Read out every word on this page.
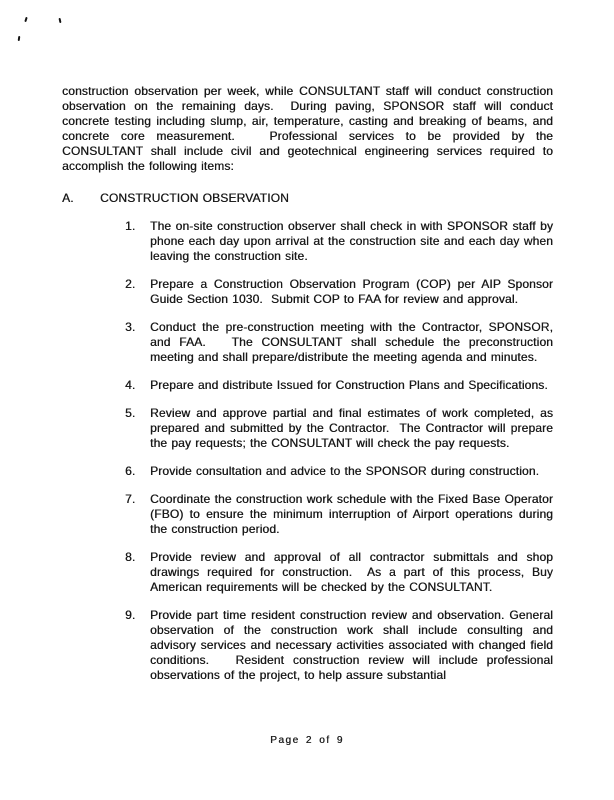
construction observation per week, while CONSULTANT staff will conduct construction observation on the remaining days.  During paving, SPONSOR staff will conduct concrete testing including slump, air, temperature, casting and breaking of beams, and concrete core measurement.   Professional services to be provided by the CONSULTANT shall include civil and geotechnical engineering services required to accomplish the following items:

A.	CONSTRUCTION OBSERVATION
1.	The on-site construction observer shall check in with SPONSOR staff by phone each day upon arrival at the construction site and each day when leaving the construction site.

2.	Prepare a Construction Observation Program (COP) per AIP Sponsor Guide Section 1030.  Submit COP to FAA for review and approval.

3.	Conduct the pre-construction meeting with the Contractor, SPONSOR, and FAA.   The CONSULTANT shall schedule the preconstruction meeting and shall prepare/distribute the meeting agenda and minutes.

4.	Prepare and distribute Issued for Construction Plans and Specifications.

5.	Review and approve partial and final estimates of work completed, as prepared and submitted by the Contractor.  The Contractor will prepare the pay requests; the CONSULTANT will check the pay requests.

6.	Provide consultation and advice to the SPONSOR during construction.

7.	Coordinate the construction work schedule with the Fixed Base Operator (FBO) to ensure the minimum interruption of Airport operations during the construction period.

8.	Provide review and approval of all contractor submittals and shop drawings required for construction.  As a part of this process, Buy American requirements will be checked by the CONSULTANT.

9.	Provide part time resident construction review and observation. General observation of the construction work shall include consulting and advisory services and necessary activities associated with changed field conditions.   Resident construction review will include professional observations of the project, to help assure substantial

Page 2 of 9
